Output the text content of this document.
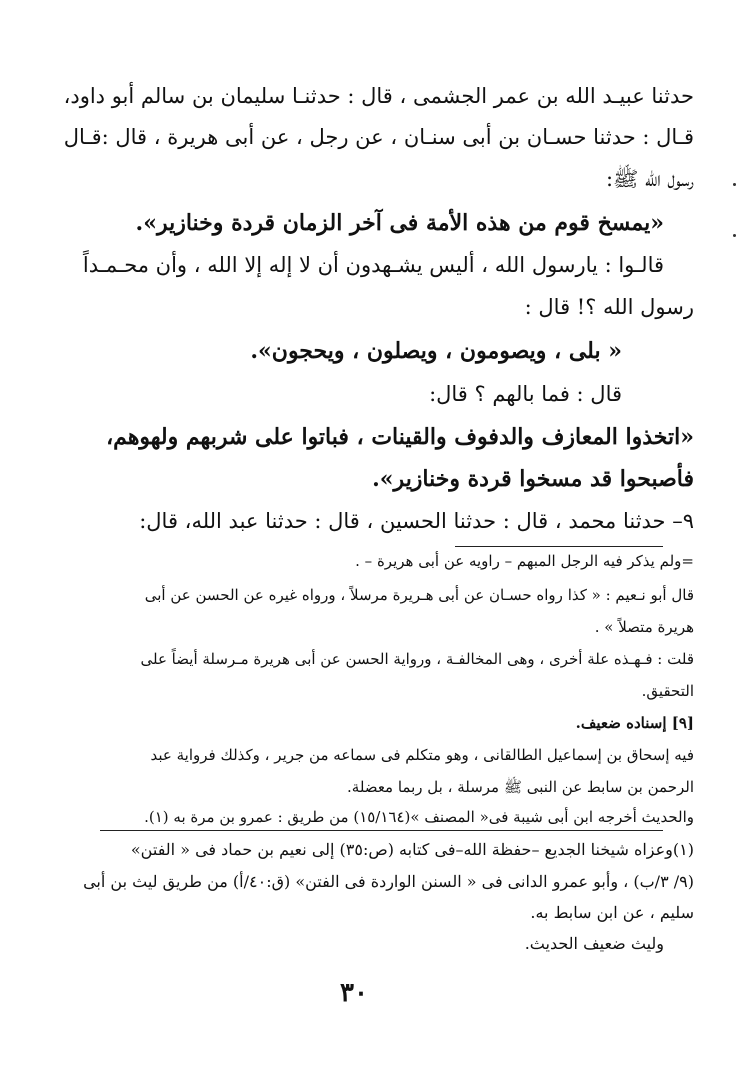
حدثنا عبيـد الله بن عمر الجشمى ، قال : حدثنـا سليمان بن سالم أبو داود،
قـال : حدثنا حسـان بن أبى سنـان ، عن رجل ، عن أبى هريرة ، قال :قـال
رسول الله ﷺ:
«يمسخ قوم من هذه الأمة فى آخر الزمان قردة وخنازير».
قالـوا : يارسول الله ، أليس يشـهدون أن لا إله إلا الله ، وأن محـمـداً
رسول الله ؟! قال :
« بلى ، ويصومون ، ويصلون ، ويحجون».
قال : فما بالهم ؟ قال:
«اتخذوا المعازف والدفوف والقينات ، فباتوا على شربهم ولهوهم،
فأصبحوا قد مسخوا قردة وخنازير».
٩– حدثنا محمد ، قال : حدثنا الحسين ، قال : حدثنا عبد الله، قال:
=ولم يذكر فيه الرجل المبهم – راويه عن أبى هريرة – .
قال أبو نـعيم : « كذا رواه حسـان عن أبى هـريرة مرسلاً ، ورواه غيره عن الحسن عن أبى
هريرة متصلاً » .
قلت : فـهـذه علة أخرى ، وهى المخالفـة ، ورواية الحسن عن أبى هريرة مـرسلة أيضاً على
التحقيق.
[٩] إسناده ضعيف.
فيه إسحاق بن إسماعيل الطالقانى ، وهو متكلم فى سماعه من جرير ، وكذلك فرواية عبد
الرحمن بن سابط عن النبى ﷺ مرسلة ، بل ربما معضلة.
والحديث أخرجه ابن أبى شيبة فى« المصنف »(١٥/١٦٤) من طريق : عمرو بن مرة به (١).
(١)وعزاه شيخنا الجديع –حفظة الله–فى كتابه (ص:٣٥) إلى نعيم بن حماد فى « الفتن»
(٩/ ٣/ب) ، وأبو عمرو الدانى فى « السنن الواردة فى الفتن» (ق:٤٠/أ) من طريق ليث بن أبى
سليم ، عن ابن سابط به.
وليث ضعيف الحديث.
٣٠
